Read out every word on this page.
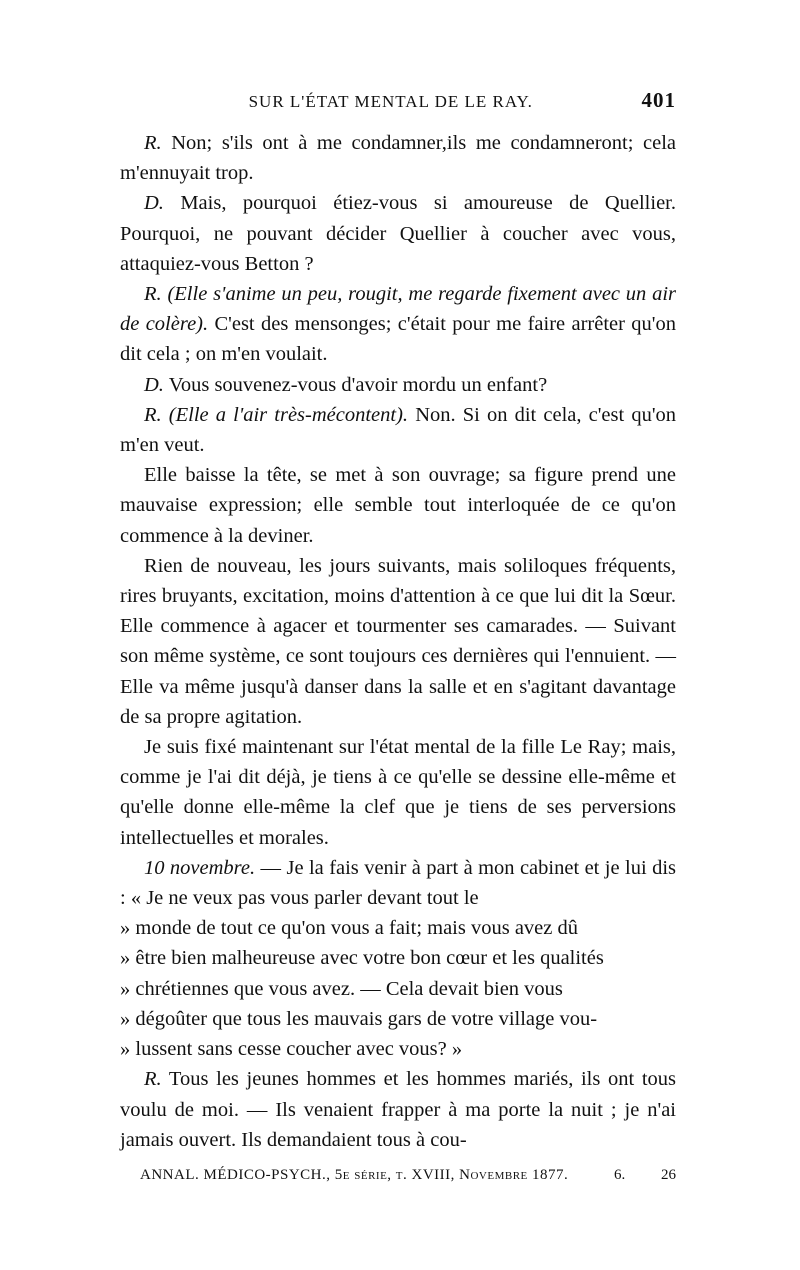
SUR L'ÉTAT MENTAL DE LE RAY.	401

R. Non; s'ils ont à me condamner,ils me condamneront; cela m'ennuyait trop.

D. Mais, pourquoi étiez-vous si amoureuse de Quellier. Pourquoi, ne pouvant décider Quellier à coucher avec vous, attaquiez-vous Betton ?

R. (Elle s'anime un peu, rougit, me regarde fixement avec un air de colère). C'est des mensonges; c'était pour me faire arrêter qu'on dit cela ; on m'en voulait.

D. Vous souvenez-vous d'avoir mordu un enfant?

R. (Elle a l'air très-mécontent). Non. Si on dit cela, c'est qu'on m'en veut.

Elle baisse la tête, se met à son ouvrage; sa figure prend une mauvaise expression; elle semble tout interloquée de ce qu'on commence à la deviner.

Rien de nouveau, les jours suivants, mais soliloques fréquents, rires bruyants, excitation, moins d'attention à ce que lui dit la Sœur. Elle commence à agacer et tourmenter ses camarades. — Suivant son même système, ce sont toujours ces dernières qui l'ennuient. — Elle va même jusqu'à danser dans la salle et en s'agitant davantage de sa propre agitation.

Je suis fixé maintenant sur l'état mental de la fille Le Ray; mais, comme je l'ai dit déjà, je tiens à ce qu'elle se dessine elle-même et qu'elle donne elle-même la clef que je tiens de ses perversions intellectuelles et morales.

10 novembre. — Je la fais venir à part à mon cabinet et je lui dis : « Je ne veux pas vous parler devant tout le

» monde de tout ce qu'on vous a fait; mais vous avez dû

» être bien malheureuse avec votre bon cœur et les qualités

» chrétiennes que vous avez. — Cela devait bien vous

» dégoûter que tous les mauvais gars de votre village vou-

» lussent sans cesse coucher avec vous? »

R. Tous les jeunes hommes et les hommes mariés, ils ont tous voulu de moi. — Ils venaient frapper à ma porte la nuit ; je n'ai jamais ouvert. Ils demandaient tous à cou-

ANNAL. MÉDICO-PSYCH., 5e série, t. XVIII, Novembre 1877.	6. 26
